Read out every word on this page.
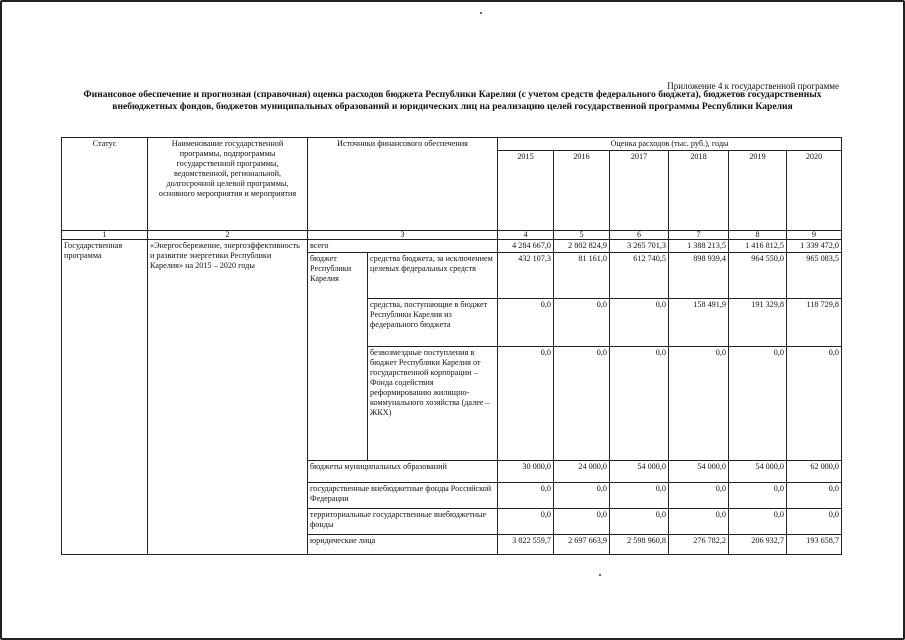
Приложение 4 к государственной программе
Финансовое обеспечение и прогнозная (справочная) оценка расходов бюджета Республики Карелия (с учетом средств федерального бюджета), бюджетов государственных внебюджетных фондов, бюджетов муниципальных образований и юридических лиц на реализацию целей государственной программы Республики Карелия
Статус	Наименование государственной программы, подпрограммы государственной программы, ведомственной, региональной, долгосрочной целевой программы, основного мероприятия и мероприятия	Источники финансового обеспечения		Оценка расходов (тыс. руб.), годы					
				2015	2016	2017	2018	2019	2020
1	2	3		4	5	6	7	8	9
Государственная программа	«Энергосбережение, энергоэффективность и развитие энергетики Республики Карелия» на 2015 – 2020 годы	всего		4 284 667,0	2 802 824,9	3 265 701,3	1 388 213,5	1 416 812,5	1 339 472,0
		бюджет Республики Карелия	средства бюджета, за исключением целевых федеральных средств	432 107,3	81 161,0	612 740,5	898 939,4	964 550,0	965 083,5
			средства, поступающие в бюджет Республики Карелия из федерального бюджета	0,0	0,0	0,0	158 491,9	191 329,8	118 729,8
			безвозмездные поступления в бюджет Республики Карелия от государственной корпорации – Фонда содействия реформированию жилищно-коммунального хозяйства (далее – ЖКХ)	0,0	0,0	0,0	0,0	0,0	0,0
		бюджеты муниципальных образований		30 000,0	24 000,0	54 000,0	54 000,0	54 000,0	62 000,0
		государственные внебюджетные фонды Российской Федерации		0,0	0,0	0,0	0,0	0,0	0,0
		территориальные государственные внебюджетные фонды		0,0	0,0	0,0	0,0	0,0	0,0
		юридические лица		3 822 559,7	2 697 663,9	2 598 960,8	276 782,2	206 932,7	193 658,7
